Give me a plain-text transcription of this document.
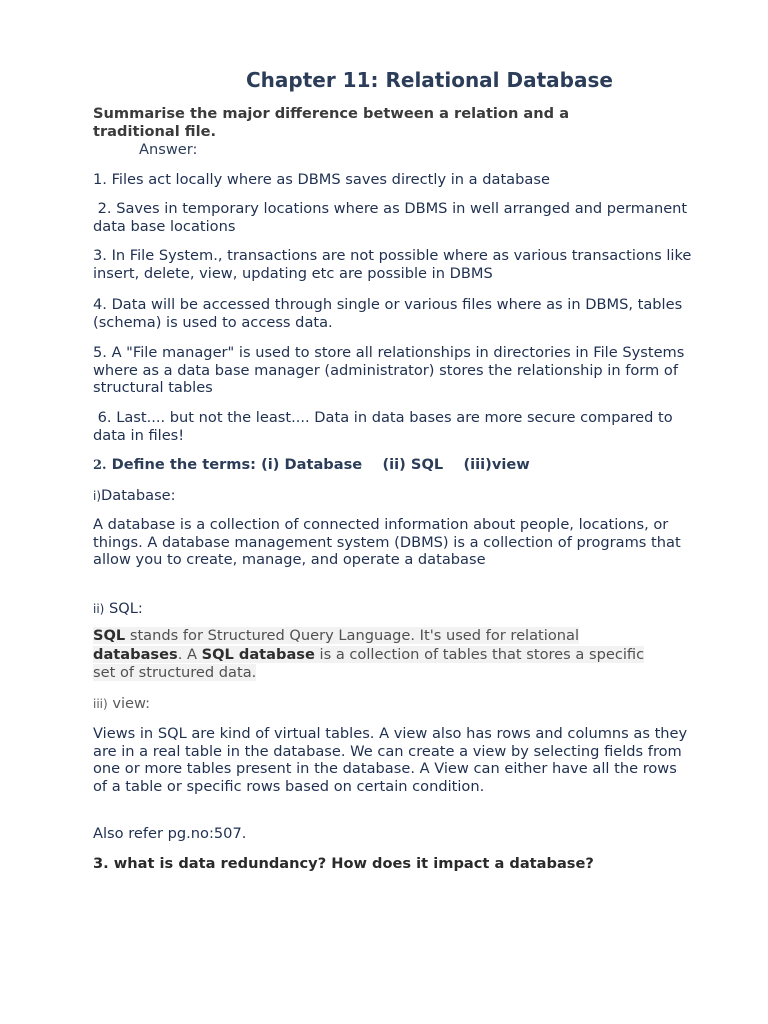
Chapter 11: Relational Database
Summarise the major difference between a relation and a traditional file.
Answer:

1. Files act locally where as DBMS saves directly in a database

2. Saves in temporary locations where as DBMS in well arranged and permanent data base locations

3. In File System., transactions are not possible where as various transactions like insert, delete, view, updating etc are possible in DBMS

4. Data will be accessed through single or various files where as in DBMS, tables (schema) is used to access data.

5. A "File manager" is used to store all relationships in directories in File Systems where as a data base manager (administrator) stores the relationship in form of structural tables

6. Last.... but not the least.... Data in data bases are more secure compared to data in files!

2. Define the terms: (i) Database    (ii) SQL    (iii)view
i)Database:

A database is a collection of connected information about people, locations, or things. A database management system (DBMS) is a collection of programs that allow you to create, manage, and operate a database

ii) SQL:
SQL stands for Structured Query Language. It's used for relational databases. A SQL database is a collection of tables that stores a specific set of structured data.
iii) view:

Views in SQL are kind of virtual tables. A view also has rows and columns as they are in a real table in the database. We can create a view by selecting fields from one or more tables present in the database. A View can either have all the rows of a table or specific rows based on certain condition.

Also refer pg.no:507.

3. what is data redundancy? How does it impact a database?
